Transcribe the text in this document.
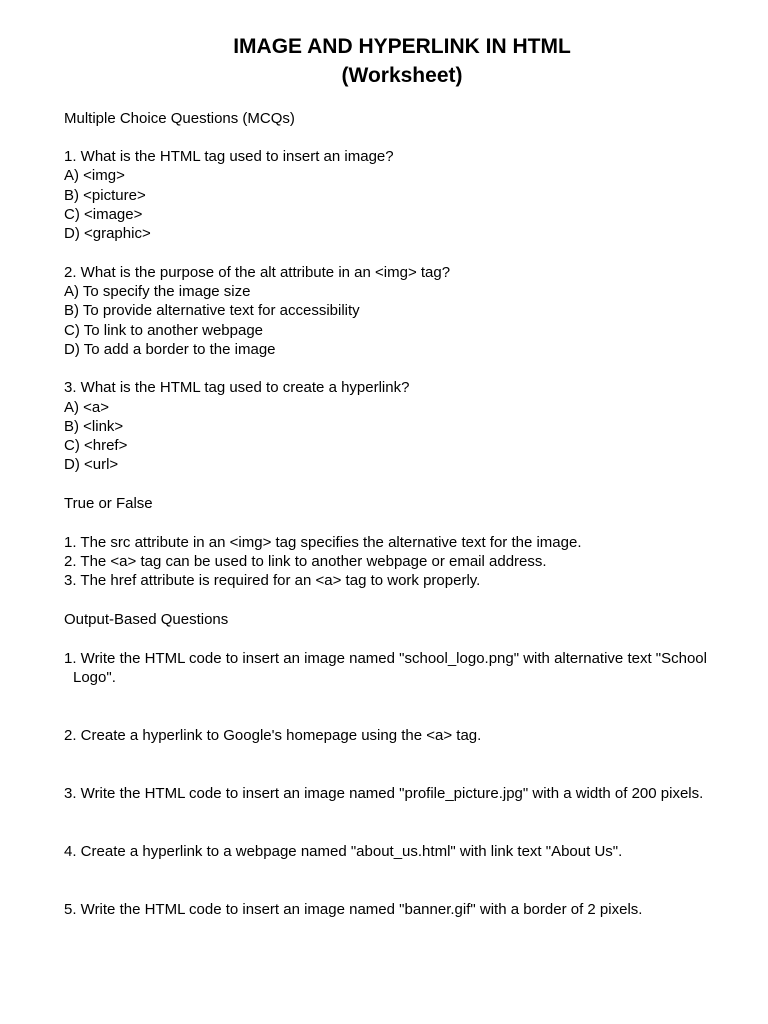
IMAGE AND HYPERLINK IN HTML
(Worksheet)

Multiple Choice Questions (MCQs)

1. What is the HTML tag used to insert an image?

A) <img>

B) <picture>

C) <image>

D) <graphic>

2. What is the purpose of the alt attribute in an <img> tag?

A) To specify the image size

B) To provide alternative text for accessibility

C) To link to another webpage

D) To add a border to the image

3. What is the HTML tag used to create a hyperlink?

A) <a>

B) <link>

C) <href>

D) <url>

True or False

1. The src attribute in an <img> tag specifies the alternative text for the image.

2. The <a> tag can be used to link to another webpage or email address.

3. The href attribute is required for an <a> tag to work properly.

Output-Based Questions

1. Write the HTML code to insert an image named "school_logo.png" with alternative text "School

Logo".

2. Create a hyperlink to Google's homepage using the <a> tag.

3. Write the HTML code to insert an image named "profile_picture.jpg" with a width of 200 pixels.

4. Create a hyperlink to a webpage named "about_us.html" with link text "About Us".

5. Write the HTML code to insert an image named "banner.gif" with a border of 2 pixels.
